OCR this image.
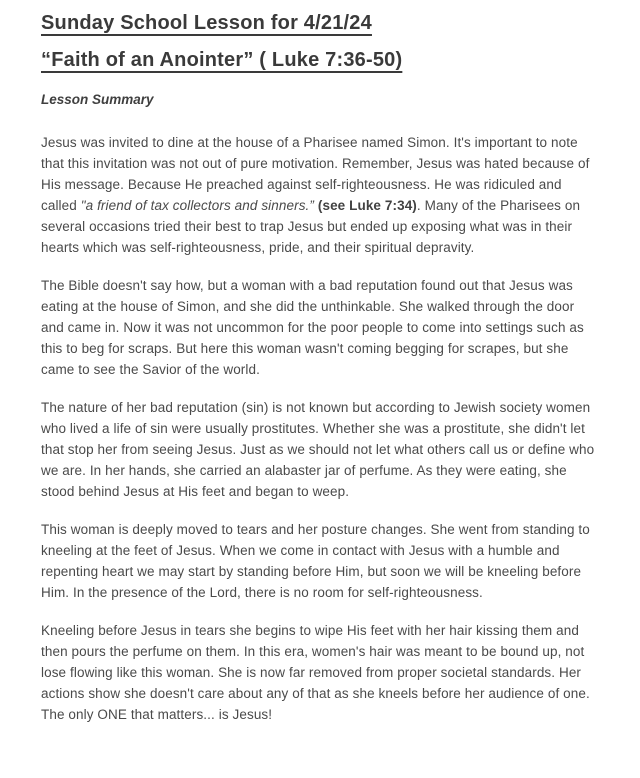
Sunday School Lesson for 4/21/24
“Faith of an Anointer” ( Luke 7:36-50)
Lesson Summary

Jesus was invited to dine at the house of a Pharisee named Simon. It's important to note that this invitation was not out of pure motivation. Remember, Jesus was hated because of His message. Because He preached against self-righteousness. He was ridiculed and called "a friend of tax collectors and sinners.” (see Luke 7:34). Many of the Pharisees on several occasions tried their best to trap Jesus but ended up exposing what was in their hearts which was self-righteousness, pride, and their spiritual depravity.

The Bible doesn't say how, but a woman with a bad reputation found out that Jesus was eating at the house of Simon, and she did the unthinkable. She walked through the door and came in. Now it was not uncommon for the poor people to come into settings such as this to beg for scraps. But here this woman wasn't coming begging for scrapes, but she came to see the Savior of the world.

The nature of her bad reputation (sin) is not known but according to Jewish society women who lived a life of sin were usually prostitutes. Whether she was a prostitute, she didn't let that stop her from seeing Jesus. Just as we should not let what others call us or define who we are. In her hands, she carried an alabaster jar of perfume. As they were eating, she stood behind Jesus at His feet and began to weep.

This woman is deeply moved to tears and her posture changes. She went from standing to kneeling at the feet of Jesus. When we come in contact with Jesus with a humble and repenting heart we may start by standing before Him, but soon we will be kneeling before Him. In the presence of the Lord, there is no room for self-righteousness.

Kneeling before Jesus in tears she begins to wipe His feet with her hair kissing them and then pours the perfume on them. In this era, women's hair was meant to be bound up, not lose flowing like this woman. She is now far removed from proper societal standards. Her actions show she doesn't care about any of that as she kneels before her audience of one. The only ONE that matters... is Jesus!
